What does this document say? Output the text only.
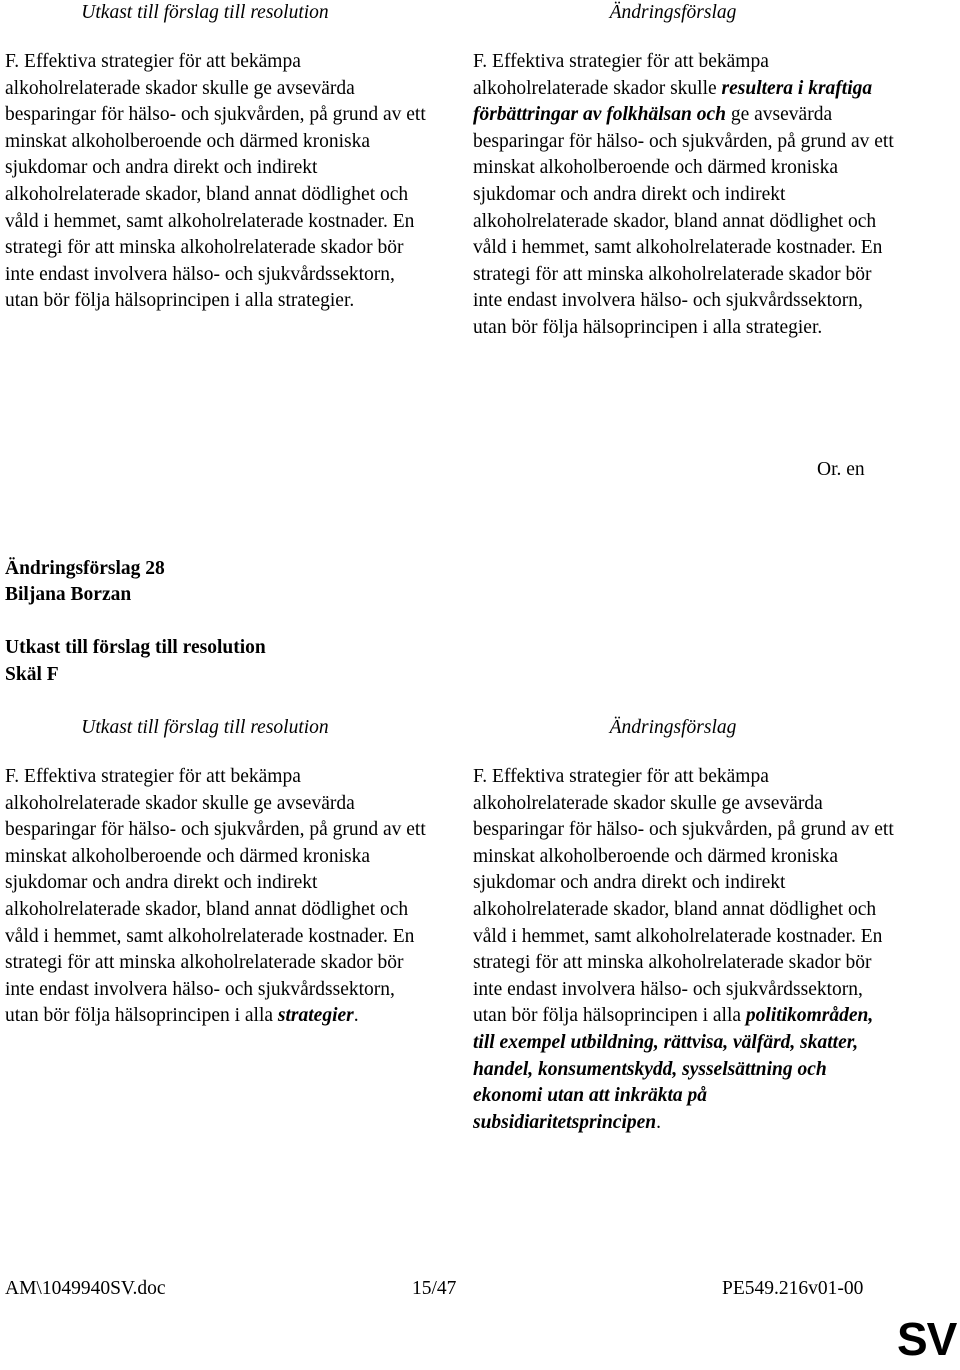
Utkast till förslag till resolution	Ändringsförslag
F. Effektiva strategier för att bekämpa alkoholrelaterade skador skulle ge avsevärda besparingar för hälso- och sjukvården, på grund av ett minskat alkoholberoende och därmed kroniska sjukdomar och andra direkt och indirekt alkoholrelaterade skador, bland annat dödlighet och våld i hemmet, samt alkoholrelaterade kostnader. En strategi för att minska alkoholrelaterade skador bör inte endast involvera hälso- och sjukvårdssektorn, utan bör följa hälsoprincipen i alla strategier.
F. Effektiva strategier för att bekämpa alkoholrelaterade skador skulle resultera i kraftiga förbättringar av folkhälsan och ge avsevärda besparingar för hälso- och sjukvården, på grund av ett minskat alkoholberoende och därmed kroniska sjukdomar och andra direkt och indirekt alkoholrelaterade skador, bland annat dödlighet och våld i hemmet, samt alkoholrelaterade kostnader. En strategi för att minska alkoholrelaterade skador bör inte endast involvera hälso- och sjukvårdssektorn, utan bör följa hälsoprincipen i alla strategier.
Or. en
Ändringsförslag 28
Biljana Borzan
Utkast till förslag till resolution
Skäl F
Utkast till förslag till resolution	Ändringsförslag
F. Effektiva strategier för att bekämpa alkoholrelaterade skador skulle ge avsevärda besparingar för hälso- och sjukvården, på grund av ett minskat alkoholberoende och därmed kroniska sjukdomar och andra direkt och indirekt alkoholrelaterade skador, bland annat dödlighet och våld i hemmet, samt alkoholrelaterade kostnader. En strategi för att minska alkoholrelaterade skador bör inte endast involvera hälso- och sjukvårdssektorn, utan bör följa hälsoprincipen i alla strategier.
F. Effektiva strategier för att bekämpa alkoholrelaterade skador skulle ge avsevärda besparingar för hälso- och sjukvården, på grund av ett minskat alkoholberoende och därmed kroniska sjukdomar och andra direkt och indirekt alkoholrelaterade skador, bland annat dödlighet och våld i hemmet, samt alkoholrelaterade kostnader. En strategi för att minska alkoholrelaterade skador bör inte endast involvera hälso- och sjukvårdssektorn, utan bör följa hälsoprincipen i alla politikområden, till exempel utbildning, rättvisa, välfärd, skatter, handel, konsumentskydd, sysselsättning och ekonomi utan att inkräkta på subsidiaritetsprincipen.
AM\1049940SV.doc	15/47	PE549.216v01-00
SV
